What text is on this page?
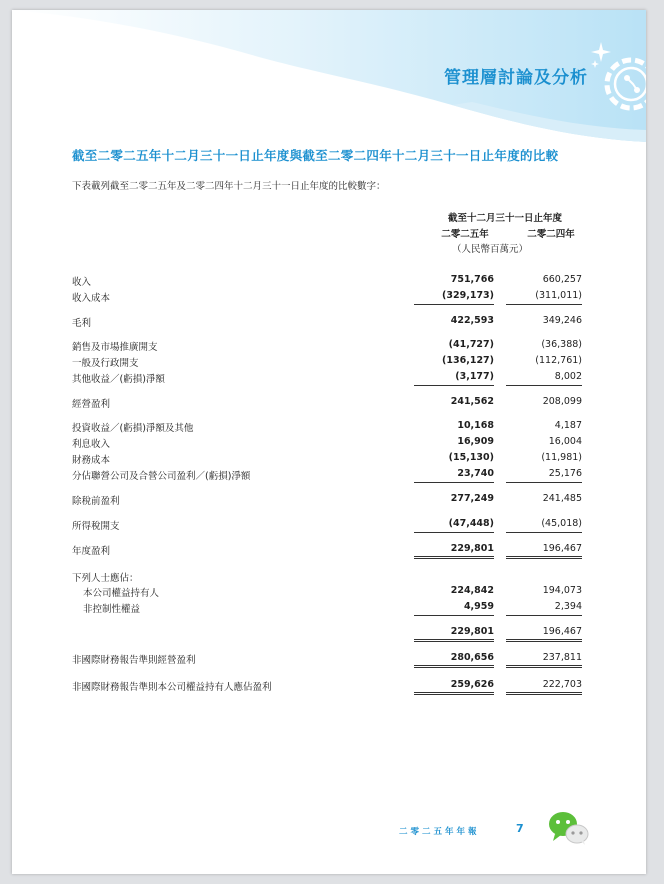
管理層討論及分析
截至二零二五年十二月三十一日止年度與截至二零二四年十二月三十一日止年度的比較
下表載列截至二零二五年及二零二四年十二月三十一日止年度的比較數字：
截至十二月三十一日止年度
二零二五年	二零二四年
（人民幣百萬元）
收入	751,766	660,257
收入成本	(329,173)	(311,011)
毛利	422,593	349,246
銷售及市場推廣開支	(41,727)	(36,388)
一般及行政開支	(136,127)	(112,761)
其他收益／(虧損)淨額	(3,177)	8,002
經營盈利	241,562	208,099
投資收益／(虧損)淨額及其他	10,168	4,187
利息收入	16,909	16,004
財務成本	(15,130)	(11,981)
分佔聯營公司及合營公司盈利／(虧損)淨額	23,740	25,176
除稅前盈利	277,249	241,485
所得稅開支	(47,448)	(45,018)
年度盈利	229,801	196,467
下列人士應佔：
本公司權益持有人	224,842	194,073
非控制性權益	4,959	2,394
229,801	196,467
非國際財務報告準則經營盈利	280,656	237,811
非國際財務報告準則本公司權益持有人應佔盈利	259,626	222,703
二零二五年年報	7
